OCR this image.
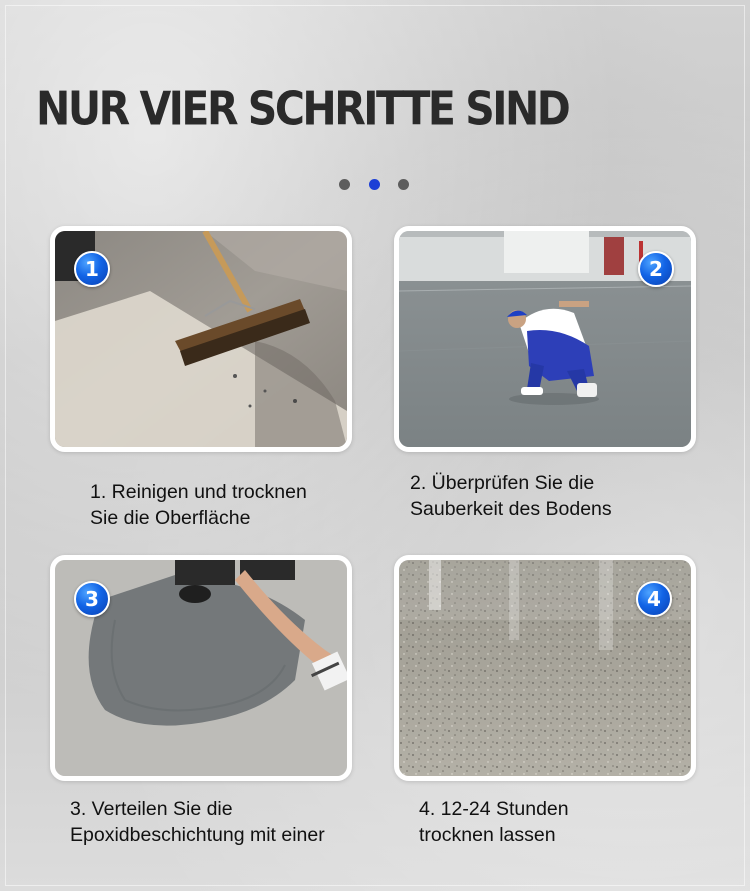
NUR VIER SCHRITTE SIND
1	2
3	4
1. Reinigen und trocknen
Sie die Oberfläche
2. Überprüfen Sie die
Sauberkeit des Bodens
3. Verteilen Sie die
Epoxidbeschichtung mit einer
4. 12-24 Stunden
trocknen lassen
